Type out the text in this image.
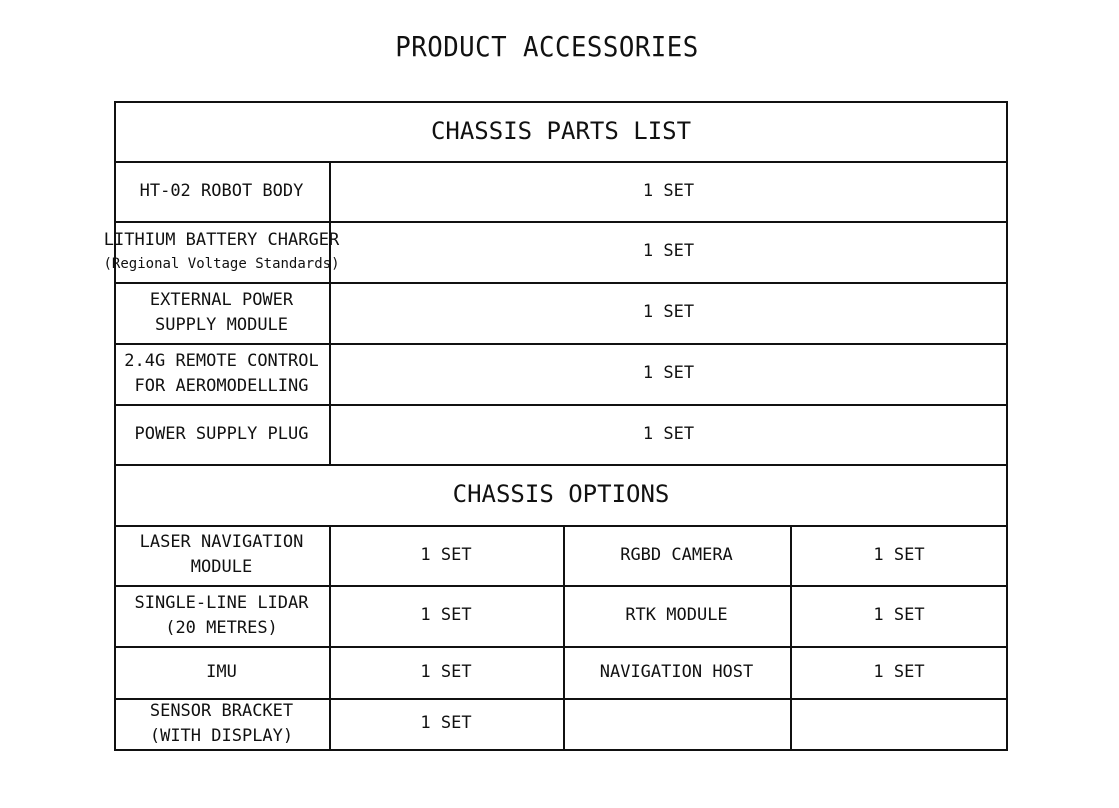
PRODUCT ACCESSORIES
CHASSIS PARTS LIST
HT-02 ROBOT BODY	1 SET
LITHIUM BATTERY CHARGER
(Regional Voltage Standards)
1 SET
EXTERNAL POWER
SUPPLY MODULE
1 SET
2.4G REMOTE CONTROL
FOR AEROMODELLING
1 SET
POWER SUPPLY PLUG	1 SET
CHASSIS OPTIONS
LASER NAVIGATION
MODULE
1 SET	RGBD CAMERA	1 SET
SINGLE-LINE LIDAR
(20 METRES)
1 SET	RTK MODULE	1 SET
IMU	1 SET	NAVIGATION HOST	1 SET
SENSOR BRACKET
(WITH DISPLAY)
1 SET
